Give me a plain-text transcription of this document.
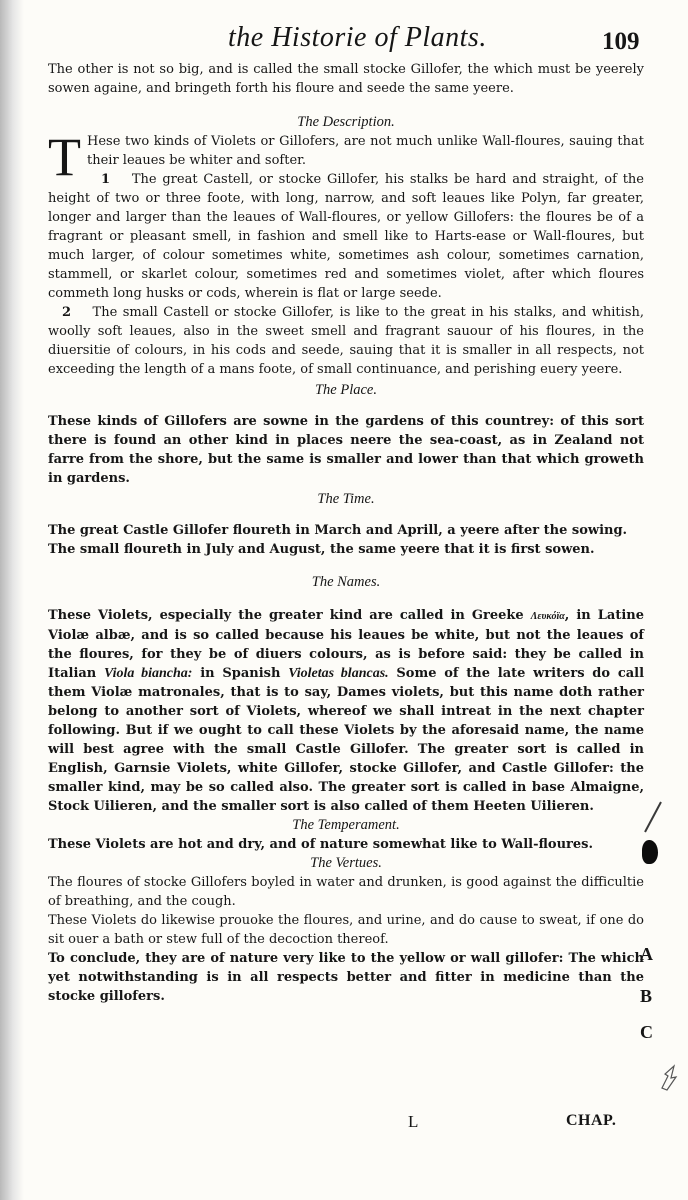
the Historie of Plants.	109

The other is not so big, and is called the small stocke Gillofer, the which must be yeerely sowen againe, and bringeth forth his floure and seede the same yeere.

The Description.

T Hese two kinds of Violets or Gillofers, are not much unlike Wall-floures, sauing that their leaues be whiter and softer.

1 The great Castell, or stocke Gillofer, his stalks be hard and straight, of the height of two or three foote, with long, narrow, and soft leaues like Polyn, far greater, longer and larger than the leaues of Wall-floures, or yellow Gillofers: the floures be of a fragrant or pleasant smell, in fashion and smell like to Harts-ease or Wall-floures, but much larger, of colour sometimes white, sometimes ash colour, sometimes carnation, stammell, or skarlet colour, sometimes red and sometimes violet, after which floures commeth long husks or cods, wherein is flat or large seede.

2 The small Castell or stocke Gillofer, is like to the great in his stalks, and whitish, woolly soft leaues, also in the sweet smell and fragrant sauour of his floures, in the diuersitie of colours, in his cods and seede, sauing that it is smaller in all respects, not exceeding the length of a mans foote, of small continuance, and perishing euery yeere.

The Place.

These kinds of Gillofers are sowne in the gardens of this countrey: of this sort there is found an other kind in places neere the sea-coast, as in Zealand not farre from the shore, but the same is smaller and lower than that which groweth in gardens.

The Time.

The great Castle Gillofer floureth in March and Aprill, a yeere after the sowing.

The small floureth in July and August, the same yeere that it is first sowen.

The Names.

These Violets, especially the greater kind are called in Greeke Λευκόϊα, in Latine Violæ albæ, and is so called because his leaues be white, but not the leaues of the floures, for they be of diuers colours, as is before said: they be called in Italian Viola biancha: in Spanish Violetas blancas. Some of the late writers do call them Violæ matronales, that is to say, Dames violets, but this name doth rather belong to another sort of Violets, whereof we shall intreat in the next chapter following. But if we ought to call these Violets by the aforesaid name, the name will best agree with the small Castle Gillofer. The greater sort is called in English, Garnsie Violets, white Gillofer, stocke Gillofer, and Castle Gillofer: the smaller kind, may be so called also. The greater sort is called in base Almaigne, Stock Uilieren, and the smaller sort is also called of them Heeten Uilieren.

The Temperament.

These Violets are hot and dry, and of nature somewhat like to Wall-floures.

The Vertues.

The floures of stocke Gillofers boyled in water and drunken, is good against the difficultie of breathing, and the cough.

These Violets do likewise prouoke the floures, and urine, and do cause to sweat, if one do sit ouer a bath or stew full of the decoction thereof.

To conclude, they are of nature very like to the yellow or wall gillofer: The which yet notwithstanding is in all respects better and fitter in medicine than the stocke gillofers.

A
B
C
L	CHAP.
